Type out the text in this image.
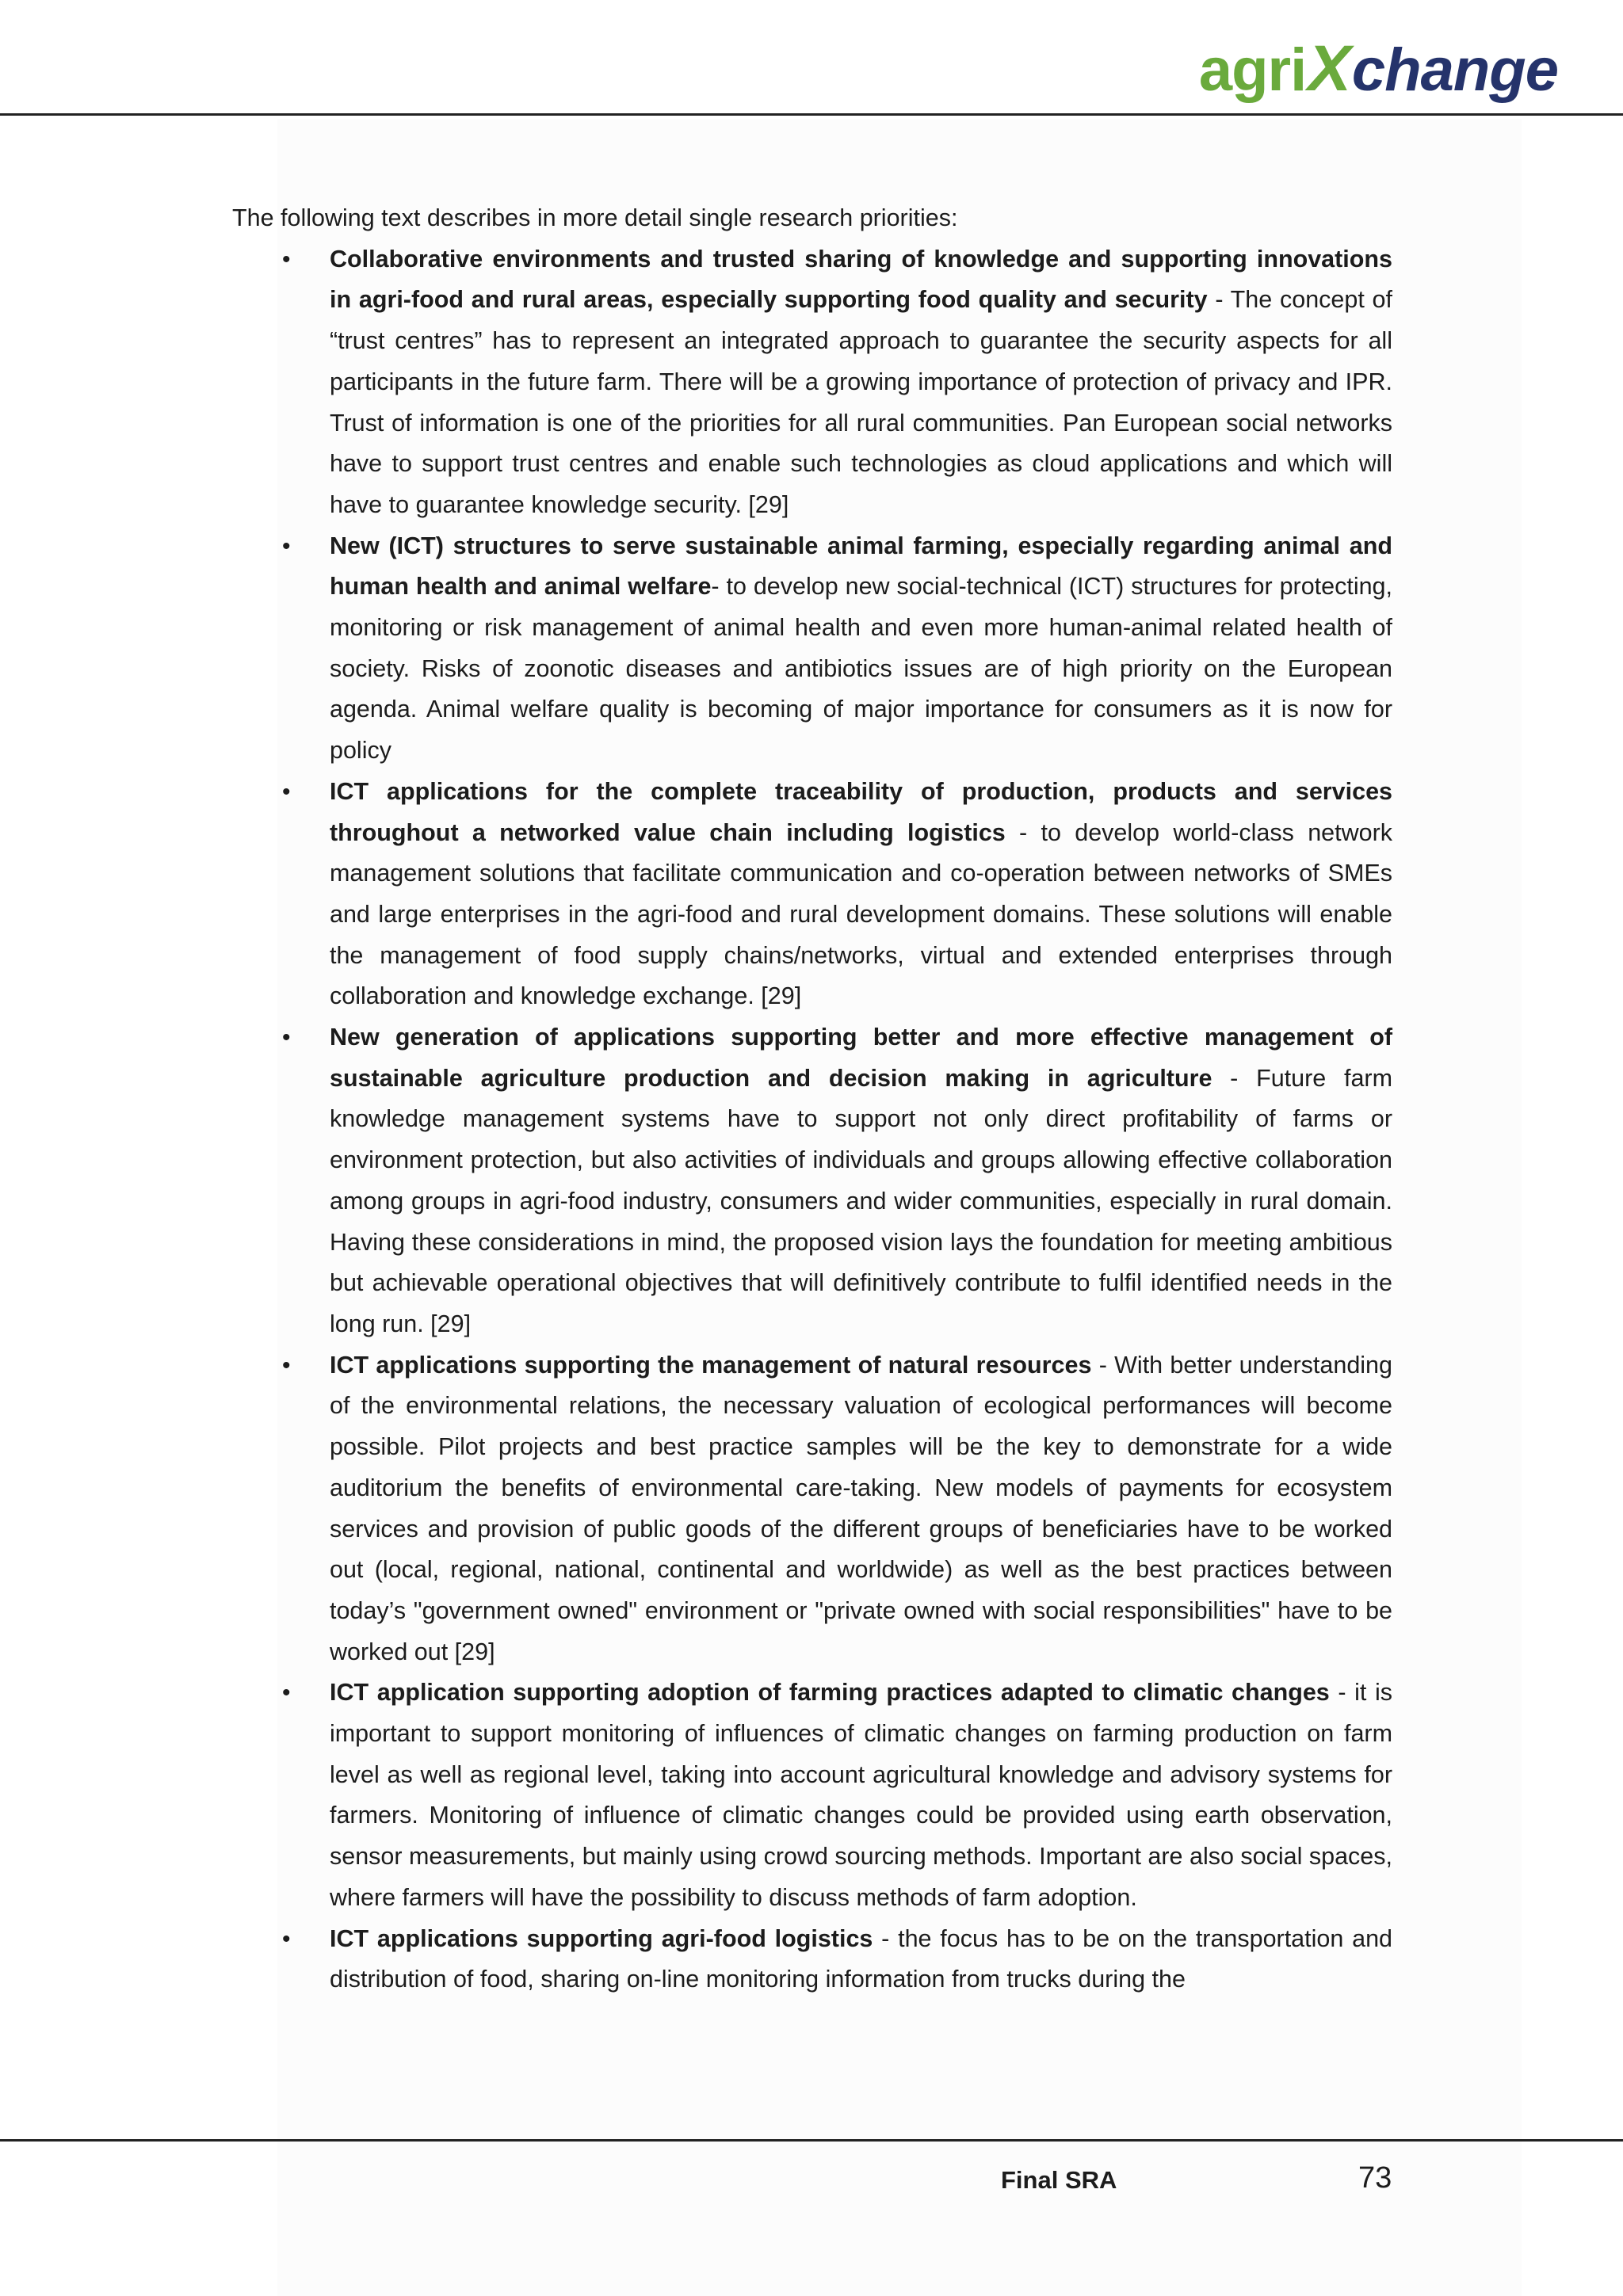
agriXchange

The following text describes in more detail single research priorities:

• Collaborative environments and trusted sharing of knowledge and supporting innovations in agri-food and rural areas, especially supporting food quality and security - The concept of “trust centres” has to represent an integrated approach to guarantee the security aspects for all participants in the future farm. There will be a growing importance of protection of privacy and IPR. Trust of information is one of the priorities for all rural communities. Pan European social networks have to support trust centres and enable such technologies as cloud applications and which will have to guarantee knowledge security. [29]
• New (ICT) structures to serve sustainable animal farming, especially regarding animal and human health and animal welfare- to develop new social-technical (ICT) structures for protecting, monitoring or risk management of animal health and even more human-animal related health of society. Risks of zoonotic diseases and antibiotics issues are of high priority on the European agenda. Animal welfare quality is becoming of major importance for consumers as it is now for policy
• ICT applications for the complete traceability of production, products and services throughout a networked value chain including logistics - to develop world-class network management solutions that facilitate communication and co-operation between networks of SMEs and large enterprises in the agri-food and rural development domains. These solutions will enable the management of food supply chains/networks, virtual and extended enterprises through collaboration and knowledge exchange. [29]
• New generation of applications supporting better and more effective management of sustainable agriculture production and decision making in agriculture - Future farm knowledge management systems have to support not only direct profitability of farms or environment protection, but also activities of individuals and groups allowing effective collaboration among groups in agri-food industry, consumers and wider communities, especially in rural domain. Having these considerations in mind, the proposed vision lays the foundation for meeting ambitious but achievable operational objectives that will definitively contribute to fulfil identified needs in the long run. [29]
• ICT applications supporting the management of natural resources - With better understanding of the environmental relations, the necessary valuation of ecological performances will become possible. Pilot projects and best practice samples will be the key to demonstrate for a wide auditorium the benefits of environmental care-taking. New models of payments for ecosystem services and provision of public goods of the different groups of beneficiaries have to be worked out (local, regional, national, continental and worldwide) as well as the best practices between today’s "government owned" environment or "private owned with social responsibilities" have to be worked out [29]
• ICT application supporting adoption of farming practices adapted to climatic changes - it is important to support monitoring of influences of climatic changes on farming production on farm level as well as regional level, taking into account agricultural knowledge and advisory systems for farmers. Monitoring of influence of climatic changes could be provided using earth observation, sensor measurements, but mainly using crowd sourcing methods. Important are also social spaces, where farmers will have the possibility to discuss methods of farm adoption.
• ICT applications supporting agri-food logistics - the focus has to be on the transportation and distribution of food, sharing on-line monitoring information from trucks during the
Final SRA	73
